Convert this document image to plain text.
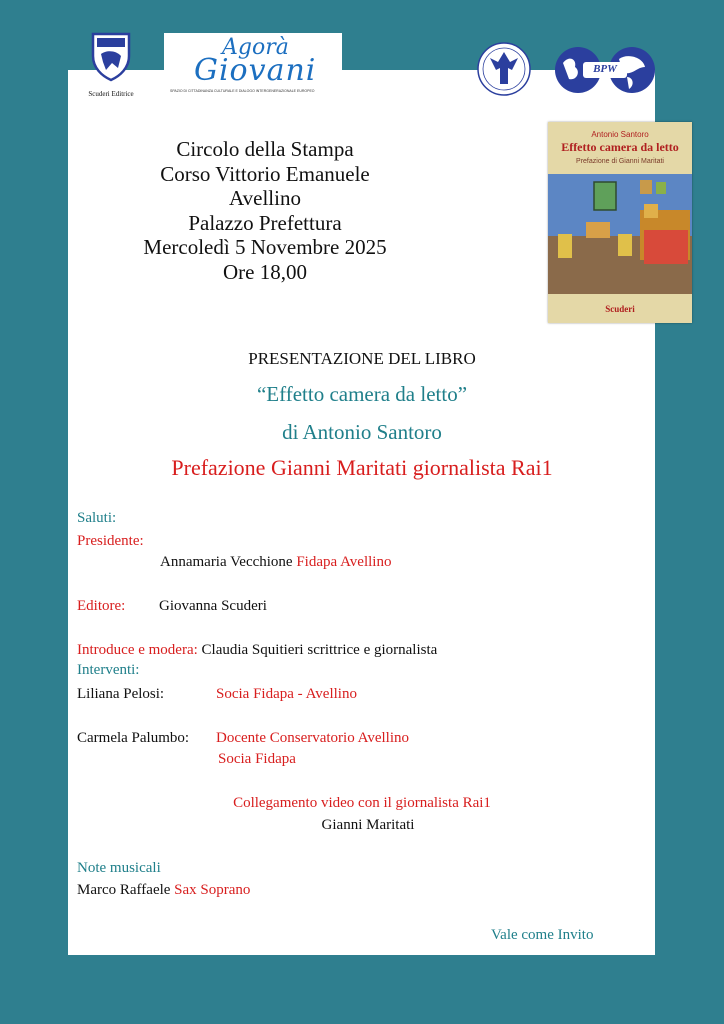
Scuderi Editrice
Agorà
Giovani
SPAZIO DI CITTADINANZA CULTURALE E DIALOGO INTERGENERAZIONALE EUROPEO
BPW
Circolo della Stampa
Corso Vittorio Emanuele
Avellino
Palazzo Prefettura
Mercoledì 5 Novembre 2025
Ore 18,00
Antonio Santoro
Effetto camera da letto
Prefazione di Gianni Maritati
Scuderi
PRESENTAZIONE DEL LIBRO
“Effetto camera da letto”
di Antonio Santoro
Prefazione Gianni Maritati giornalista Rai1
Saluti:
Presidente:
Annamaria Vecchione Fidapa Avellino
Editore: Giovanna Scuderi
Introduce e modera: Claudia Squitieri scrittrice e giornalista
Interventi:
Liliana Pelosi:	Socia Fidapa - Avellino
Carmela Palumbo: Docente Conservatorio Avellino
Socia Fidapa
Collegamento video con il giornalista Rai1
Gianni Maritati
Note musicali
Marco Raffaele Sax Soprano
Vale come Invito
